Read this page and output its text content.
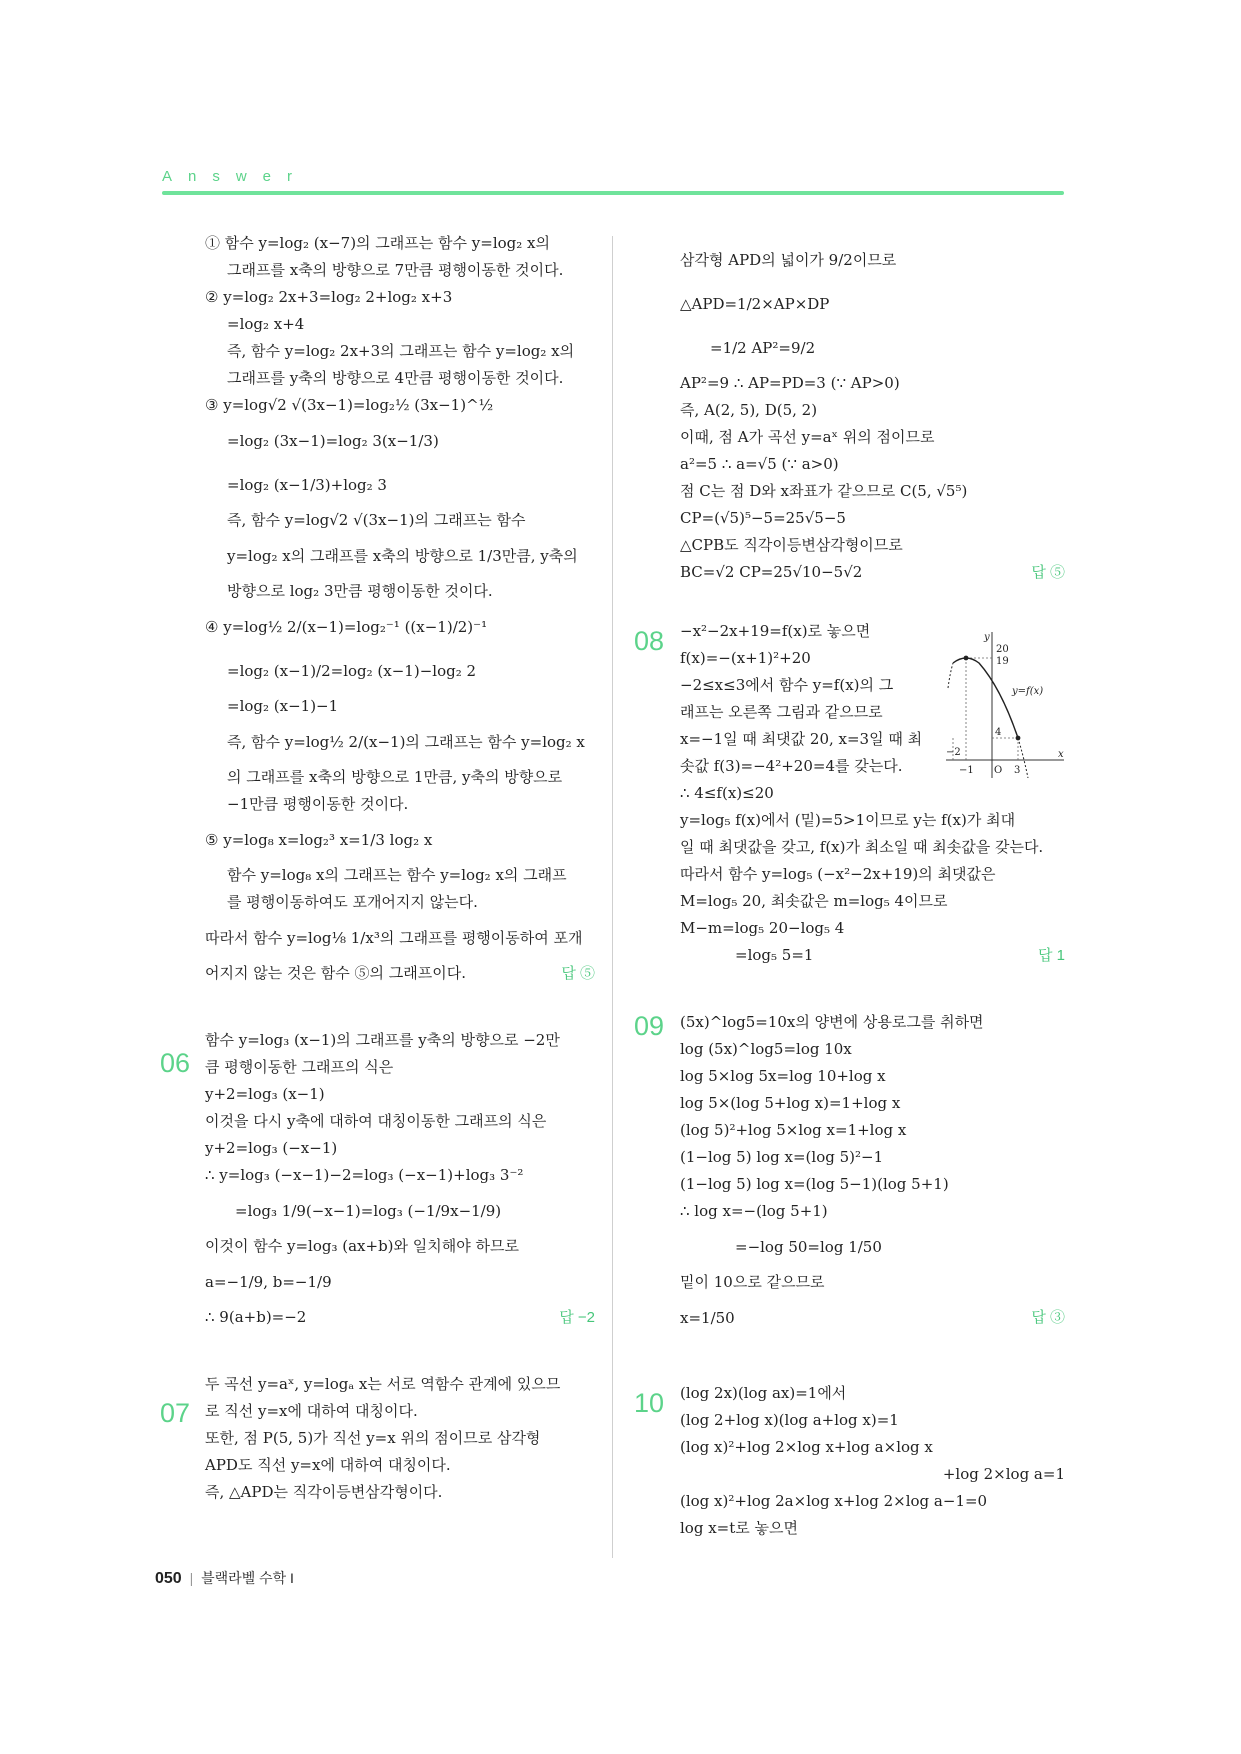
Answer
① 함수 y=log₂ (x−7)의 그래프는 함수 y=log₂ x의
그래프를 x축의 방향으로 7만큼 평행이동한 것이다.
② y=log₂ 2x+3=log₂ 2+log₂ x+3
=log₂ x+4
즉, 함수 y=log₂ 2x+3의 그래프는 함수 y=log₂ x의
그래프를 y축의 방향으로 4만큼 평행이동한 것이다.
③ y=log√2 √(3x−1)=log₂½ (3x−1)^½
=log₂ (3x−1)=log₂ 3(x−1/3)
=log₂ (x−1/3)+log₂ 3
즉, 함수 y=log√2 √(3x−1)의 그래프는 함수
y=log₂ x의 그래프를 x축의 방향으로 1/3만큼, y축의
방향으로 log₂ 3만큼 평행이동한 것이다.
④ y=log½ 2/(x−1)=log₂⁻¹ ((x−1)/2)⁻¹
=log₂ (x−1)/2=log₂ (x−1)−log₂ 2
=log₂ (x−1)−1
즉, 함수 y=log½ 2/(x−1)의 그래프는 함수 y=log₂ x
의 그래프를 x축의 방향으로 1만큼, y축의 방향으로
−1만큼 평행이동한 것이다.
⑤ y=log₈ x=log₂³ x=1/3 log₂ x
함수 y=log₈ x의 그래프는 함수 y=log₂ x의 그래프
를 평행이동하여도 포개어지지 않는다.
따라서 함수 y=log⅛ 1/x³의 그래프를 평행이동하여 포개
어지지 않는 것은 함수 ⑤의 그래프이다.	답 ⑤
함수 y=log₃ (x−1)의 그래프를 y축의 방향으로 −2만
큼 평행이동한 그래프의 식은
y+2=log₃ (x−1)
이것을 다시 y축에 대하여 대칭이동한 그래프의 식은
y+2=log₃ (−x−1)
∴ y=log₃ (−x−1)−2=log₃ (−x−1)+log₃ 3⁻²
=log₃ 1/9(−x−1)=log₃ (−1/9x−1/9)
이것이 함수 y=log₃ (ax+b)와 일치해야 하므로
a=−1/9, b=−1/9
∴ 9(a+b)=−2	답 −2
두 곡선 y=aˣ, y=logₐ x는 서로 역함수 관계에 있으므
로 직선 y=x에 대하여 대칭이다.
또한, 점 P(5, 5)가 직선 y=x 위의 점이므로 삼각형
APD도 직선 y=x에 대하여 대칭이다.
즉, △APD는 직각이등변삼각형이다.
06
07
삼각형 APD의 넓이가 9/2이므로
△APD=1/2×AP×DP
=1/2 AP²=9/2
AP²=9 ∴ AP=PD=3 (∵ AP>0)
즉, A(2, 5), D(5, 2)
이때, 점 A가 곡선 y=aˣ 위의 점이므로
a²=5 ∴ a=√5 (∵ a>0)
점 C는 점 D와 x좌표가 같으므로 C(5, √5⁵)
CP=(√5)⁵−5=25√5−5
△CPB도 직각이등변삼각형이므로
BC=√2 CP=25√10−5√2	답 ⑤
−x²−2x+19=f(x)로 놓으면
f(x)=−(x+1)²+20
−2≤x≤3에서 함수 y=f(x)의 그
래프는 오른쪽 그림과 같으므로
x=−1일 때 최댓값 20, x=3일 때 최
솟값 f(3)=−4²+20=4를 갖는다.
∴ 4≤f(x)≤20
y=log₅ f(x)에서 (밑)=5>1이므로 y는 f(x)가 최대
일 때 최댓값을 갖고, f(x)가 최소일 때 최솟값을 갖는다.
따라서 함수 y=log₅ (−x²−2x+19)의 최댓값은
M=log₅ 20, 최솟값은 m=log₅ 4이므로
M−m=log₅ 20−log₅ 4
=log₅ 5=1	답 1
(5x)^log5=10x의 양변에 상용로그를 취하면
log (5x)^log5=log 10x
log 5×log 5x=log 10+log x
log 5×(log 5+log x)=1+log x
(log 5)²+log 5×log x=1+log x
(1−log 5) log x=(log 5)²−1
(1−log 5) log x=(log 5−1)(log 5+1)
∴ log x=−(log 5+1)
=−log 50=log 1/50
밑이 10으로 같으므로
x=1/50	답 ③
(log 2x)(log ax)=1에서
(log 2+log x)(log a+log x)=1
(log x)²+log 2×log x+log a×log x
+log 2×log a=1
(log x)²+log 2a×log x+log 2×log a−1=0
log x=t로 놓으면
08
09
10
y
x
20
19
4
−2
−1 O 3
y=f(x)
050 | 블랙라벨 수학 I
